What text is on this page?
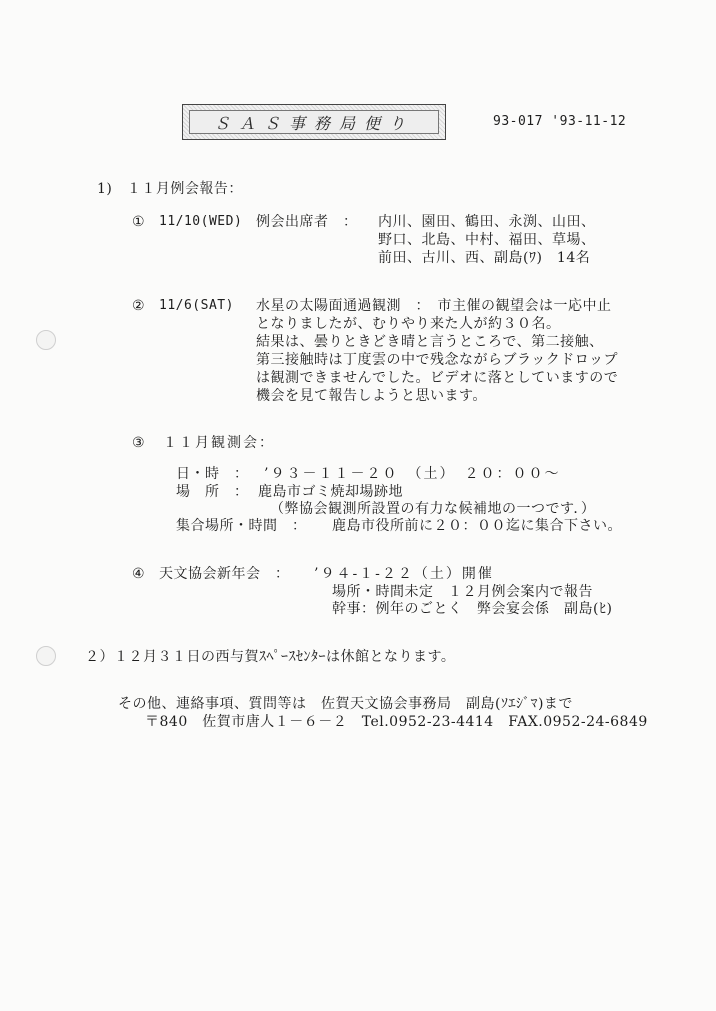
ＳＡＳ事務局便り	93-017 '93-11-12
1)　１１月例会報告：
① 11/10(WED) 例会出席者　： 内川、園田、鶴田、永渕、山田、
野口、北島、中村、福田、草場、
前田、古川、西、副島(ﾜ)　14名
② 11/6(SAT) 水星の太陽面通過観測　：　市主催の観望会は一応中止
となりましたが、むりやり来た人が約３０名。
結果は、曇りときどき晴と言うところで、第二接触、
第三接触時は丁度雲の中で残念ながらブラックドロップ
は観測できませんでした。ビデオに落としていますので
機会を見て報告しようと思います。
③ １１月観測会：
日・時　： ’９３－１１－２０　（土）　２０：００～
場　所　： 鹿島市ゴミ焼却場跡地
（弊協会観測所設置の有力な候補地の一つです．）
集合場所・時間　： 鹿島市役所前に２０：００迄に集合下さい。
④ 天文協会新年会　： ’９４-１-２２（土）開催
場所・時間未定　１２月例会案内で報告
幹事：例年のごとく　弊会宴会係　副島(ﾋ)
２）１２月３１日の西与賀ｽﾍﾟｰｽｾﾝﾀｰは休館となります。
その他、連絡事項、質問等は　佐賀天文協会事務局　副島(ｿｴｼﾞﾏ)まで
〒840　佐賀市唐人１－６－２　Tel.0952-23-4414　FAX.0952-24-6849
